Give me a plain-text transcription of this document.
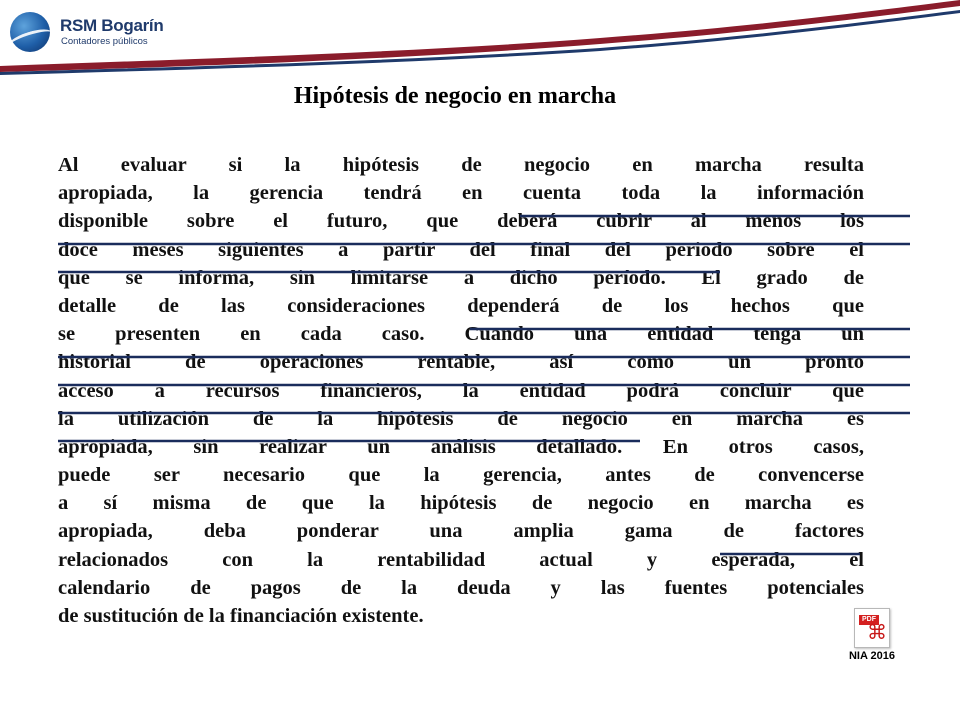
RSM Bogarín
Contadores públicos
Hipótesis de negocio en marcha
Al evaluar si la hipótesis de negocio en marcha resulta
apropiada, la gerencia tendrá en cuenta toda la información
disponible sobre el futuro, que deberá cubrir al menos los
doce meses siguientes a partir del final del periodo sobre el
que se informa, sin limitarse a dicho período. El grado de
detalle de las consideraciones dependerá de los hechos que
se presenten en cada caso. Cuando una entidad tenga un
historial de operaciones rentable, así como un pronto
acceso a recursos financieros, la entidad podrá concluir que
la utilización de la hipótesis de negocio en marcha es
apropiada, sin realizar un análisis detallado. En otros casos,
puede ser necesario que la gerencia, antes de convencerse
a sí misma de que la hipótesis de negocio en marcha es
apropiada, deba ponderar una amplia gama de factores
relacionados con la rentabilidad actual y esperada, el
calendario de pagos de la deuda y las fuentes potenciales
de sustitución de la financiación existente.	PDF
⌘
NIA 2016
